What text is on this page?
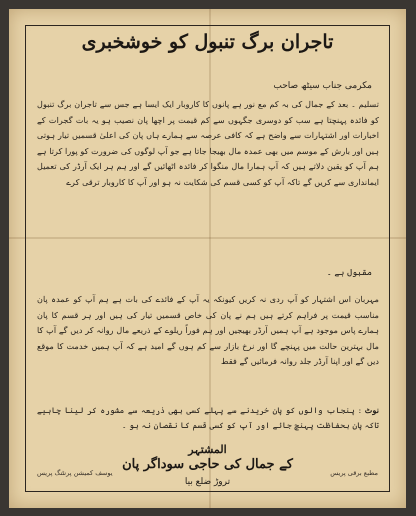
تاجران برگ تنبول کو خوشخبری
مکرمی جناب سیٹھ صاحب
تسلیم ۔ بعد کے جمال کی بہ کم مع نور ہے پانوں کا کاروبار ایک ایسا ہے جس سے تاجران برگ تنبول کو فائدہ پہنچتا ہے سب کو دوسری جگہوں سے کم قیمت پر اچھا پان نصیب ہو یہ بات گجرات کے اخبارات اور اشتہارات سے واضح ہے کہ کافی عرصہ سے ہمارے ہاں پان کی اعلیٰ قسمیں تیار ہوتی ہیں اور بارش کے موسم میں بھی عمدہ مال بھیجا جاتا ہے جو آپ لوگوں کی ضرورت کو پورا کرتا ہے ہم آپ کو یقین دلاتے ہیں کہ آپ ہمارا مال منگوا کر فائدہ اٹھائیں گے اور ہم ہر ایک آرڈر کی تعمیل ایمانداری سے کریں گے تاکہ آپ کو کسی قسم کی شکایت نہ ہو اور آپ کا کاروبار ترقی کرے
مقبول ہے ۔
مہربان اس اشتہار کو آپ ردی نہ کریں کیونکہ یہ آپ کے فائدے کی بات ہے ہم آپ کو عمدہ پان مناسب قیمت پر فراہم کرتے ہیں ہم نے پان کی خاص قسمیں تیار کی ہیں اور ہر قسم کا پان ہمارے پاس موجود ہے آپ ہمیں آرڈر بھیجیں اور ہم فوراً ریلوے کے ذریعے مال روانہ کر دیں گے آپ کا مال بہترین حالت میں پہنچے گا اور نرخ بازار سے کم ہوں گے امید ہے کہ آپ ہمیں خدمت کا موقع دیں گے اور اپنا آرڈر جلد روانہ فرمائیں گے فقط
نوٹ : پنجاب والوں کو پان خریدنے سے پہلے کسی بھی ذریعہ سے مشورہ کر لینا چاہیے تاکہ پان بحفاظت پہنچ جائے اور آپ کو کسی قسم کا نقصان نہ ہو ۔
المشتہر
کے جمال کی حاجی سوداگر پان
تروڑ ضلع بیا
مطبع برقی پریس
یوسف کمیشن پرنٹنگ پریس
